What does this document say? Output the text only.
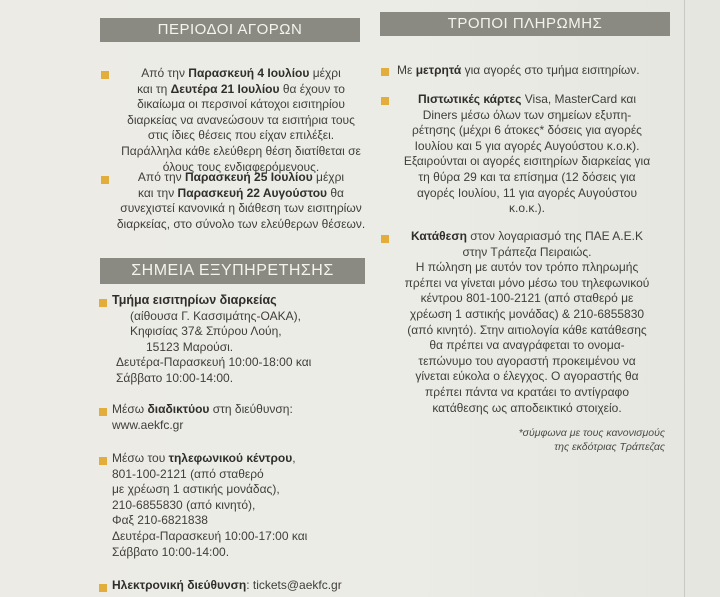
ΠΕΡΙΟΔΟΙ ΑΓΟΡΩΝ

Από την Παρασκευή 4 Ιουλίου μέχρι

και τη Δευτέρα 21 Ιουλίου θα έχουν το

δικαίωμα οι περσινοί κάτοχοι εισιτηρίου

διαρκείας να ανανεώσουν τα εισιτήρια τους

στις ίδιες θέσεις που είχαν επιλέξει.

Παράλληλα κάθε ελεύθερη θέση διατίθεται σε

όλους τους ενδιαφερόμενους.

Από την Παρασκευή 25 Ιουλίου μέχρι

και την Παρασκευή 22 Αυγούστου θα

συνεχιστεί κανονικά η διάθεση των εισιτηρίων

διαρκείας, στο σύνολο των ελεύθερων θέσεων.

ΣΗΜΕΙΑ ΕΞΥΠΗΡΕΤΗΣΗΣ

Τμήμα εισιτηρίων διαρκείας

(αίθουσα Γ. Κασσιμάτης-ΟΑΚΑ),

Κηφισίας 37& Σπύρου Λούη,

15123 Μαρούσι.

Δευτέρα-Παρασκευή 10:00-18:00 και

Σάββατο 10:00-14:00.

Μέσω διαδικτύου στη διεύθυνση:

www.aekfc.gr

Μέσω του τηλεφωνικού κέντρου,

801-100-2121 (από σταθερό

με χρέωση 1 αστικής μονάδας),

210-6855830 (από κινητό),

Φαξ 210-6821838

Δευτέρα-Παρασκευή 10:00-17:00 και

Σάββατο 10:00-14:00.

Ηλεκτρονική διεύθυνση: tickets@aekfc.gr

ΤΡΟΠΟΙ ΠΛΗΡΩΜΗΣ

Με μετρητά για αγορές στο τμήμα εισιτηρίων.

Πιστωτικές κάρτες Visa, MasterCard και

Diners μέσω όλων των σημείων εξυπη-

ρέτησης (μέχρι 6 άτοκες* δόσεις για αγορές

Ιουλίου και 5 για αγορές Αυγούστου κ.ο.κ).

Εξαιρούνται οι αγορές εισιτηρίων διαρκείας για

τη θύρα 29 και τα επίσημα (12 δόσεις για

αγορές Ιουλίου, 11 για αγορές Αυγούστου

κ.ο.κ.).

Κατάθεση στον λογαριασμό της ΠΑΕ Α.Ε.Κ

στην Τράπεζα Πειραιώς.

Η πώληση με αυτόν τον τρόπο πληρωμής

πρέπει να γίνεται μόνο μέσω του τηλεφωνικού

κέντρου 801-100-2121 (από σταθερό με

χρέωση 1 αστικής μονάδας) & 210-6855830

(από κινητό). Στην αιτιολογία κάθε κατάθεσης

θα πρέπει να αναγράφεται το ονομα-

τεπώνυμο του αγοραστή προκειμένου να

γίνεται εύκολα ο έλεγχος. Ο αγοραστής θα

πρέπει πάντα να κρατάει το αντίγραφο

κατάθεσης ως αποδεικτικό στοιχείο.

*σύμφωνα με τους κανονισμούς

της εκδότριας Τράπεζας
